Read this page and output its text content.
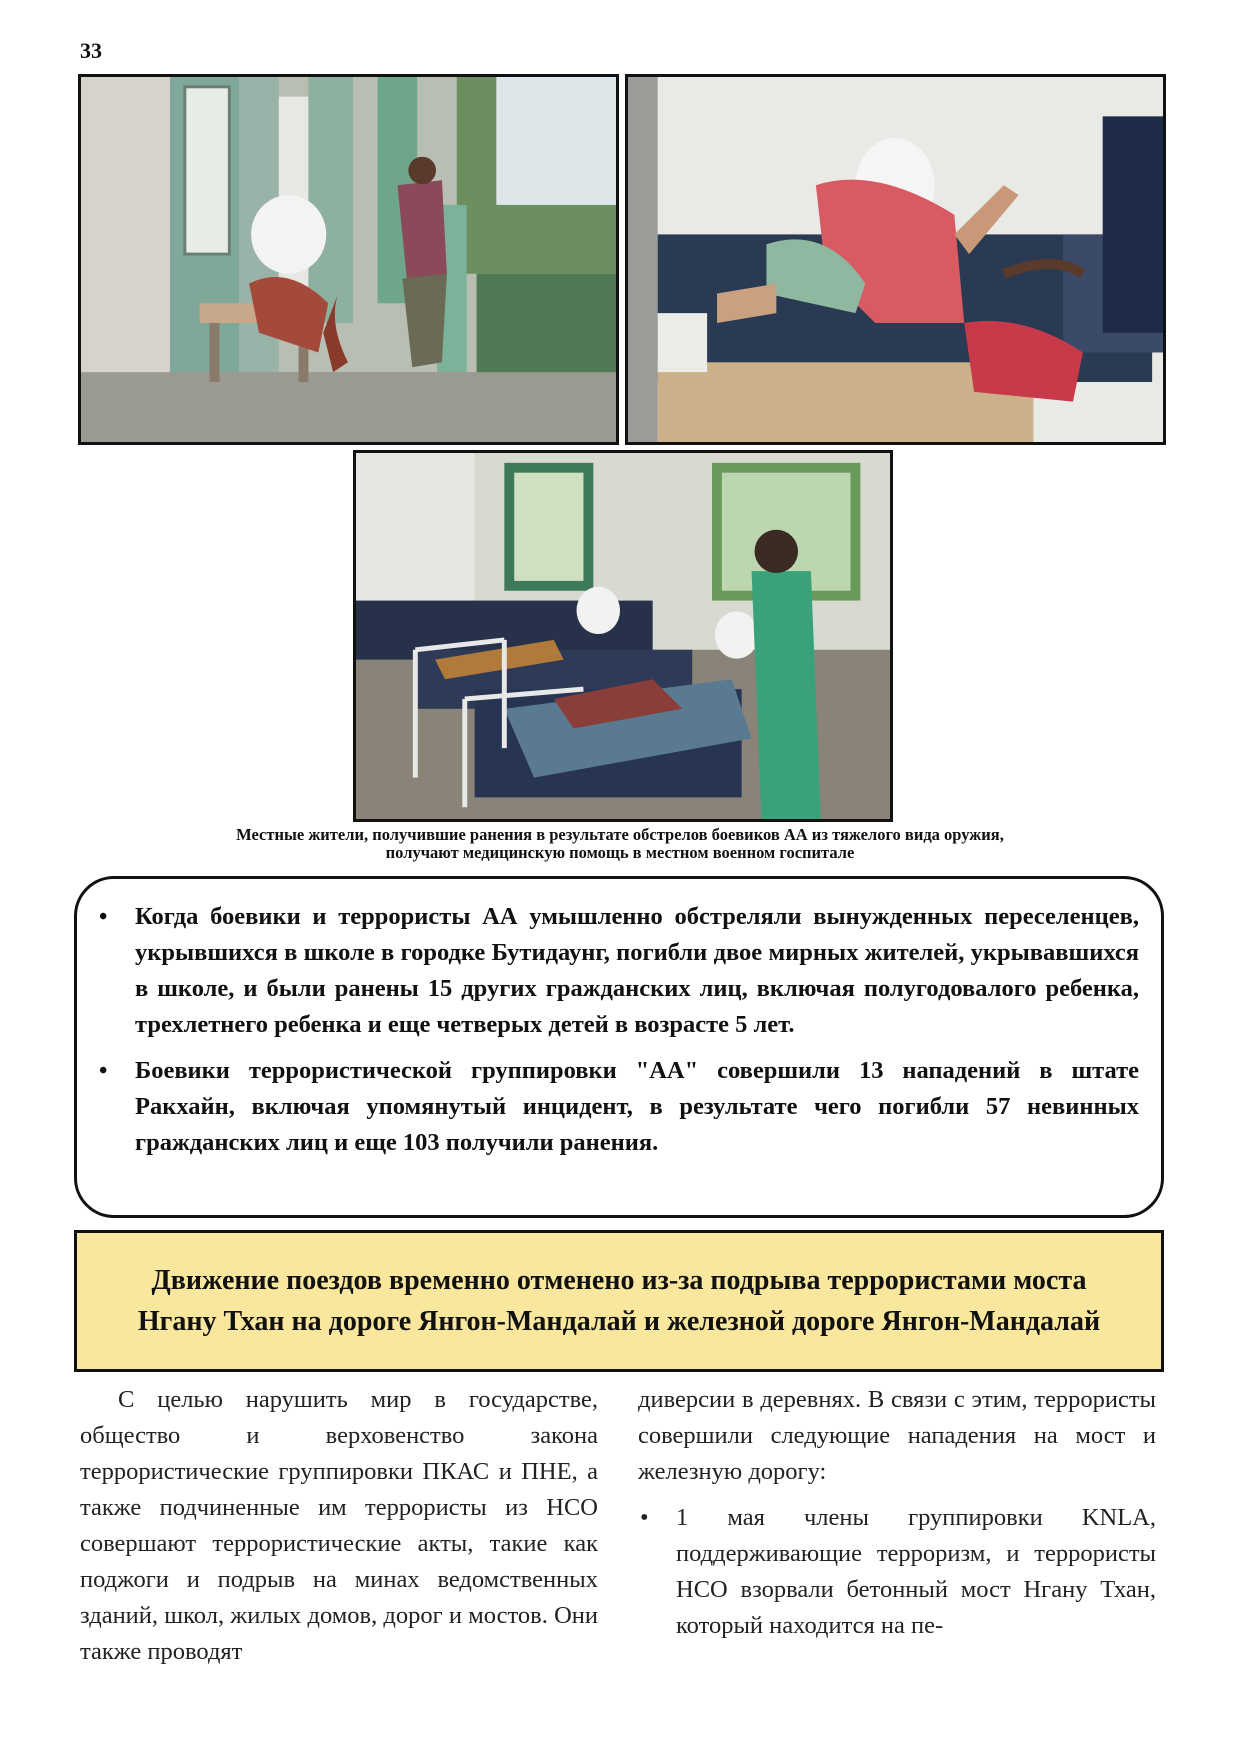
33
Местные жители, получившие ранения в результате обстрелов боевиков АА из тяжелого вида оружия,
получают медицинскую помощь в местном военном госпитале
• Когда боевики и террористы АА умышленно обстреляли вынужденных переселенцев, укрывшихся в школе в городке Бутидаунг, погибли двое мирных жителей, укрывавшихся в школе, и были ранены 15 других гражданских лиц, включая полугодовалого ребенка, трехлетнего ребенка и еще четверых детей в возрасте 5 лет.
• Боевики террористической группировки "АА" совершили 13 нападений в штате Ракхайн, включая упомянутый инцидент, в результате чего погибли 57 невинных гражданских лиц и еще 103 получили ранения.
Движение поездов временно отменено из-за подрыва террористами моста
Нгану Тхан на дороге Янгон-Мандалай и железной дороге Янгон-Мандалай

С целью нарушить мир в государстве, общество и верховенство закона террористические группировки ПКАС и ПНЕ, а также подчиненные им террористы из НСО совершают террористические акты, такие как поджоги и подрыв на минах ведомственных зданий, школ, жилых домов, дорог и мостов. Они также проводят

диверсии в деревнях. В связи с этим, террористы совершили следующие нападения на мост и железную дорогу:

• 1 мая члены группировки KNLA, поддерживающие терроризм, и террористы НСО взорвали бетонный мост Нгану Тхан, который находится на пе-
